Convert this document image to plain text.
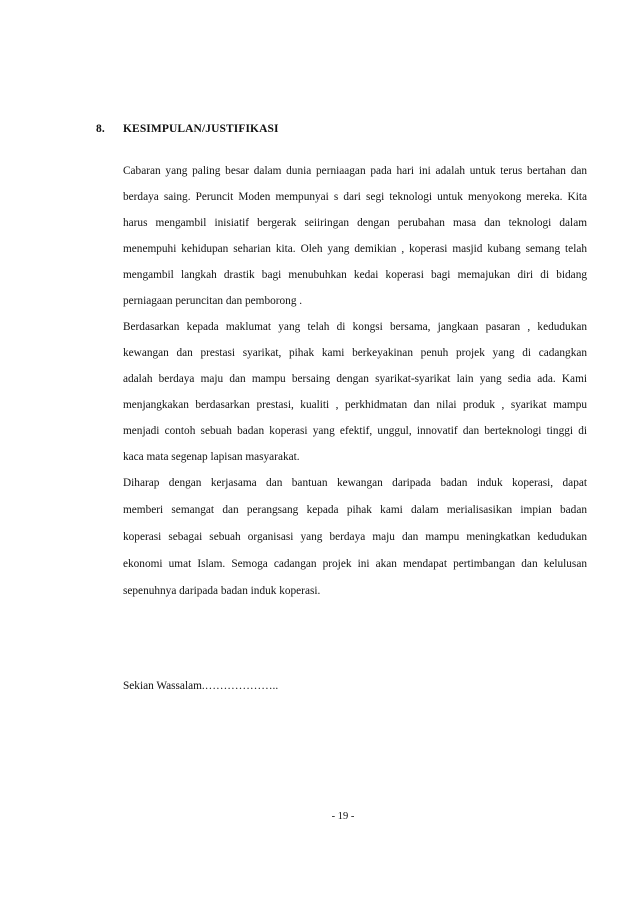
8. KESIMPULAN/JUSTIFIKASI
Cabaran yang paling besar dalam dunia perniaagan pada hari ini adalah untuk terus bertahan dan
berdaya saing. Peruncit Moden mempunyai s dari segi teknologi untuk menyokong mereka. Kita
harus mengambil inisiatif bergerak seiiringan dengan perubahan masa dan teknologi dalam
menempuhi kehidupan seharian kita. Oleh yang demikian , koperasi masjid kubang semang telah
mengambil langkah drastik bagi menubuhkan kedai koperasi bagi memajukan diri di bidang
perniagaan peruncitan dan pemborong .
Berdasarkan kepada maklumat yang telah di kongsi bersama, jangkaan pasaran , kedudukan
kewangan dan prestasi syarikat, pihak kami berkeyakinan penuh projek yang di cadangkan
adalah berdaya maju dan mampu bersaing dengan syarikat-syarikat lain yang sedia ada. Kami
menjangkakan berdasarkan prestasi, kualiti , perkhidmatan dan nilai produk , syarikat mampu
menjadi contoh sebuah badan koperasi yang efektif, unggul, innovatif dan berteknologi tinggi di
kaca mata segenap lapisan masyarakat.
Diharap dengan kerjasama dan bantuan kewangan daripada badan induk koperasi, dapat
memberi semangat dan perangsang kepada pihak kami dalam merialisasikan impian badan
koperasi sebagai sebuah organisasi yang berdaya maju dan mampu meningkatkan kedudukan
ekonomi umat Islam. Semoga cadangan projek ini akan mendapat pertimbangan dan kelulusan
sepenuhnya daripada badan induk koperasi.
Sekian Wassalam.………………..
- 19 -
